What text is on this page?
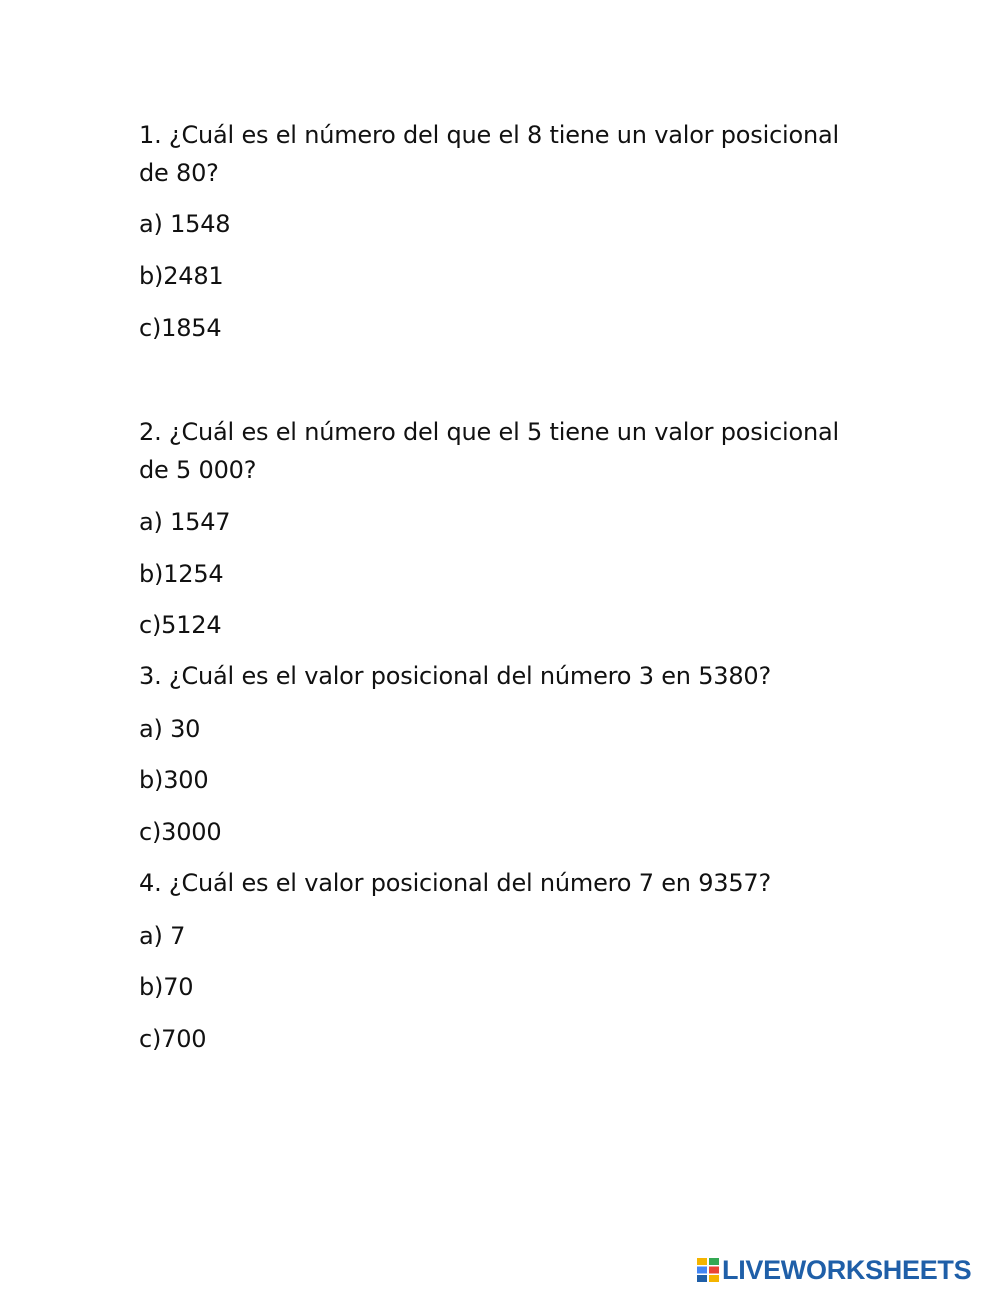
1. ¿Cuál es el número del que el 8 tiene un valor posicional
de 80?
a) 1548
b)2481
c)1854
2. ¿Cuál es el número del que el 5 tiene un valor posicional
de 5 000?
a) 1547
b)1254
c)5124
3. ¿Cuál es el valor posicional del número 3 en 5380?
a) 30
b)300
c)3000
4. ¿Cuál es el valor posicional del número 7 en 9357?
a) 7
b)70
c)700
LIVEWORKSHEETS
